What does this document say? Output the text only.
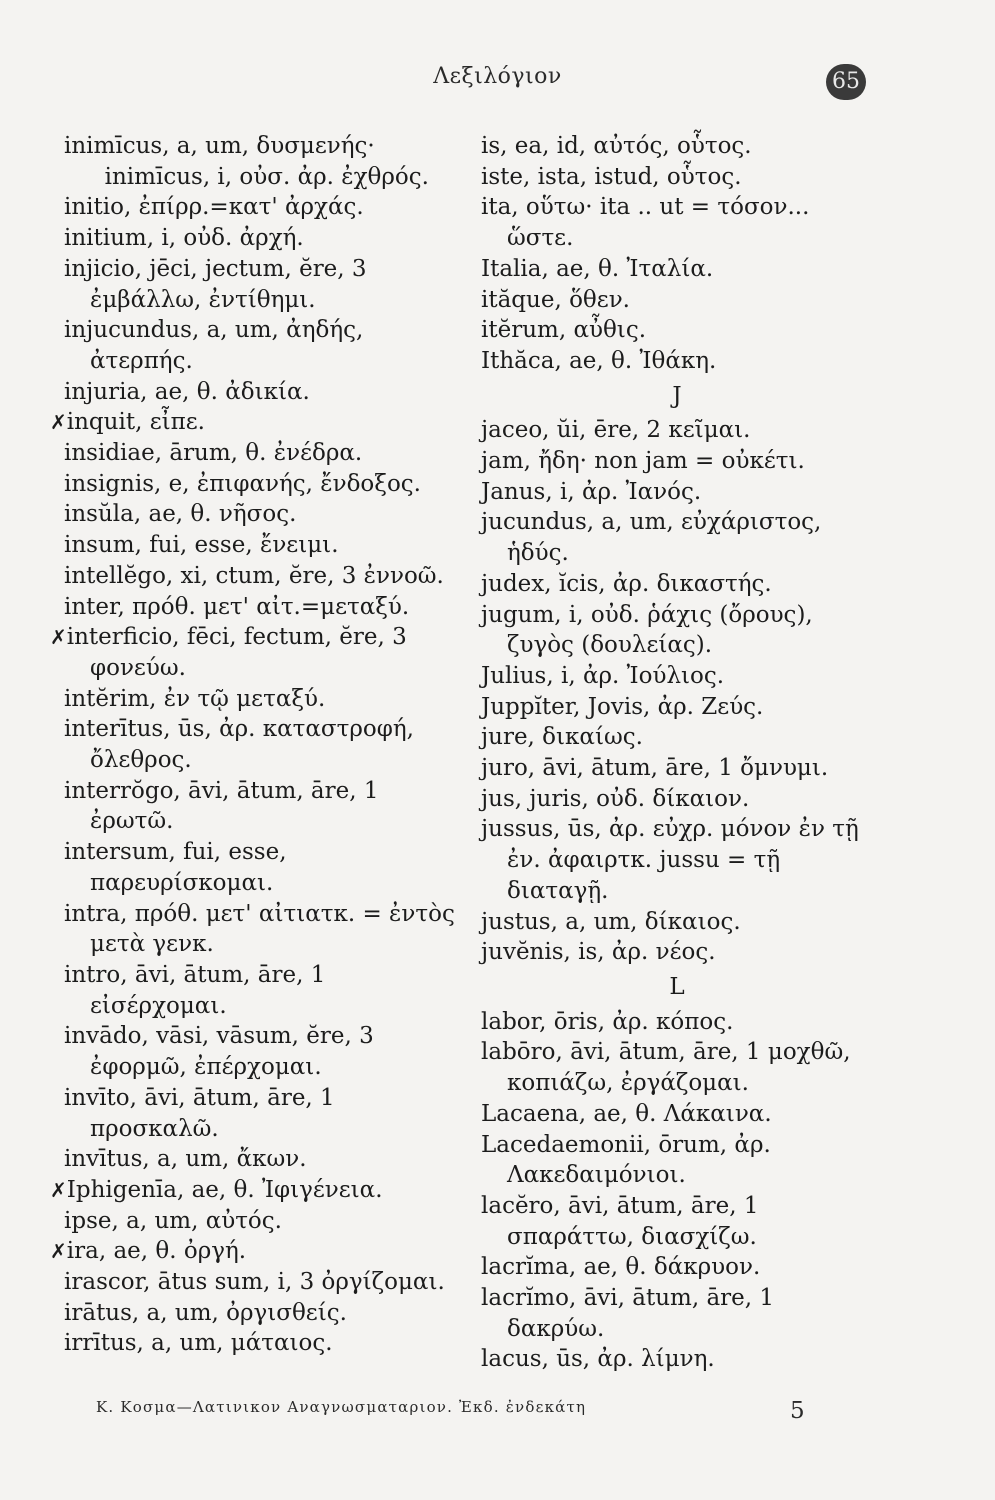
Λεξιλόγιον	65
inimīcus, a, um, δυσμενής·
inimīcus, i, οὐσ. ἀρ. ἐχθρός.
initio, ἐπίρρ.=κατ' ἀρχάς.
initium, i, οὐδ. ἀρχή.
injicio, jēci, jectum, ĕre, 3 ἐμβάλλω, ἐντίθημι.
injucundus, a, um, ἀηδής, ἀτερπής.
injuria, ae, θ. ἀδικία.
✗inquit, εἶπε.
insidiae, ārum, θ. ἐνέδρα.
insignis, e, ἐπιφανής, ἔνδοξος.
insŭla, ae, θ. νῆσος.
insum, fui, esse, ἔνειμι.
intellĕgo, xi, ctum, ĕre, 3 ἐννοῶ.
inter, πρόθ. μετ' αἰτ.=μεταξύ.
✗interficio, fēci, fectum, ĕre, 3 φονεύω.
intĕrim, ἐν τῷ μεταξύ.
interītus, ūs, ἀρ. καταστροφή, ὄλεθρος.
interrŏgo, āvi, ātum, āre, 1 ἐρωτῶ.
intersum, fui, esse, παρευρίσκομαι.
intra, πρόθ. μετ' αἰτιατκ. = ἐντὸς μετὰ γενκ.
intro, āvi, ātum, āre, 1 εἰσέρχομαι.
invādo, vāsi, vāsum, ĕre, 3 ἐφορμῶ, ἐπέρχομαι.
invīto, āvi, ātum, āre, 1 προσκαλῶ.
invītus, a, um, ἄκων.
✗Iphigenīa, ae, θ. Ἰφιγένεια.
ipse, a, um, αὐτός.
✗ira, ae, θ. ὀργή.
irascor, ātus sum, i, 3 ὀργίζομαι.
irātus, a, um, ὀργισθείς.
irrītus, a, um, μάταιος.
is, ea, id, αὐτός, οὗτος.
iste, ista, istud, οὗτος.
ita, οὕτω· ita .. ut = τόσον... ὥστε.
Italia, ae, θ. Ἰταλία.
ităque, ὅθεν.
itĕrum, αὖθις.
Ithăca, ae, θ. Ἰθάκη.
J
jaceo, ŭi, ēre, 2 κεῖμαι.
jam, ἤδη· non jam = οὐκέτι.
Janus, i, ἀρ. Ἰανός.
jucundus, a, um, εὐχάριστος, ἡδύς.
judex, ĭcis, ἀρ. δικαστής.
jugum, i, οὐδ. ῥάχις (ὄρους), ζυγὸς (δουλείας).
Julius, i, ἀρ. Ἰούλιος.
Juppĭter, Jovis, ἀρ. Ζεύς.
jure, δικαίως.
juro, āvi, ātum, āre, 1 ὄμνυμι.
jus, juris, οὐδ. δίκαιον.
jussus, ūs, ἀρ. εὐχρ. μόνον ἐν τῇ ἐν. ἀφαιρτκ. jussu = τῇ διαταγῇ.
justus, a, um, δίκαιος.
juvĕnis, is, ἀρ. νέος.
L
labor, ōris, ἀρ. κόπος.
labōro, āvi, ātum, āre, 1 μοχθῶ, κοπιάζω, ἐργάζομαι.
Lacaena, ae, θ. Λάκαινα.
Lacedaemonii, ōrum, ἀρ. Λακεδαιμόνιοι.
lacĕro, āvi, ātum, āre, 1 σπαράττω, διασχίζω.
lacrĭma, ae, θ. δάκρυον.
lacrĭmo, āvi, ātum, āre, 1 δακρύω.
lacus, ūs, ἀρ. λίμνη.
Κ. Κοσμα—Λατινικον Αναγνωσματαριον. Ἐκδ. ἐνδεκάτη	5
